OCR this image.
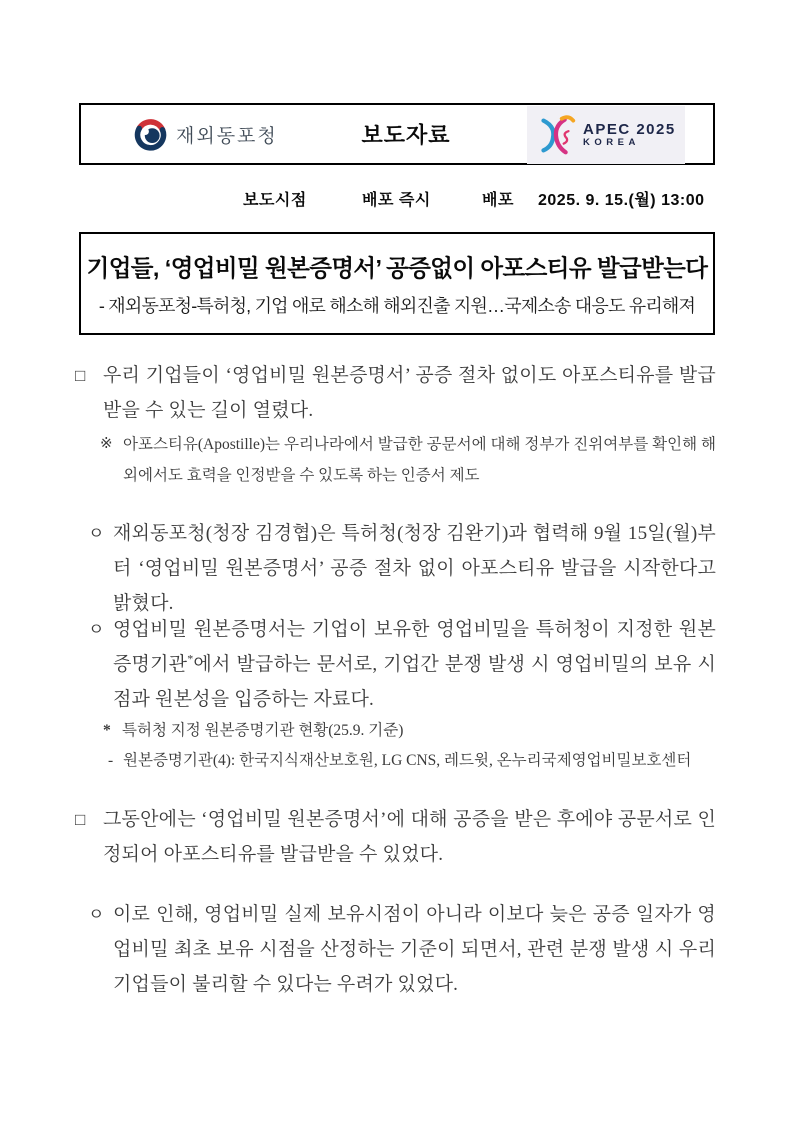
재외동포청	보도자료	APEC 2025
KOREA
보도시점	배포 즉시	배포 2025. 9. 15.(월) 13:00
기업들, ‘영업비밀 원본증명서’ 공증없이 아포스티유 발급받는다
- 재외동포청-특허청, 기업 애로 해소해 해외진출 지원…국제소송 대응도 유리해져
□ 우리 기업들이 ‘영업비밀 원본증명서’ 공증 절차 없이도 아포스티유를 발급 받을 수 있는 길이 열렸다.
※ 아포스티유(Apostille)는 우리나라에서 발급한 공문서에 대해 정부가 진위여부를 확인해 해외에서도 효력을 인정받을 수 있도록 하는 인증서 제도
ㅇ 재외동포청(청장 김경협)은 특허청(청장 김완기)과 협력해 9월 15일(월)부터 ‘영업비밀 원본증명서’ 공증 절차 없이 아포스티유 발급을 시작한다고 밝혔다.
ㅇ 영업비밀 원본증명서는 기업이 보유한 영업비밀을 특허청이 지정한 원본 증명기관*에서 발급하는 문서로, 기업간 분쟁 발생 시 영업비밀의 보유 시점과 원본성을 입증하는 자료다.
* 특허청 지정 원본증명기관 현황(25.9. 기준)
- 원본증명기관(4): 한국지식재산보호원, LG CNS, 레드윗, 온누리국제영업비밀보호센터
□ 그동안에는 ‘영업비밀 원본증명서’에 대해 공증을 받은 후에야 공문서로 인정되어 아포스티유를 발급받을 수 있었다.
ㅇ 이로 인해, 영업비밀 실제 보유시점이 아니라 이보다 늦은 공증 일자가 영업비밀 최초 보유 시점을 산정하는 기준이 되면서, 관련 분쟁 발생 시 우리 기업들이 불리할 수 있다는 우려가 있었다.
